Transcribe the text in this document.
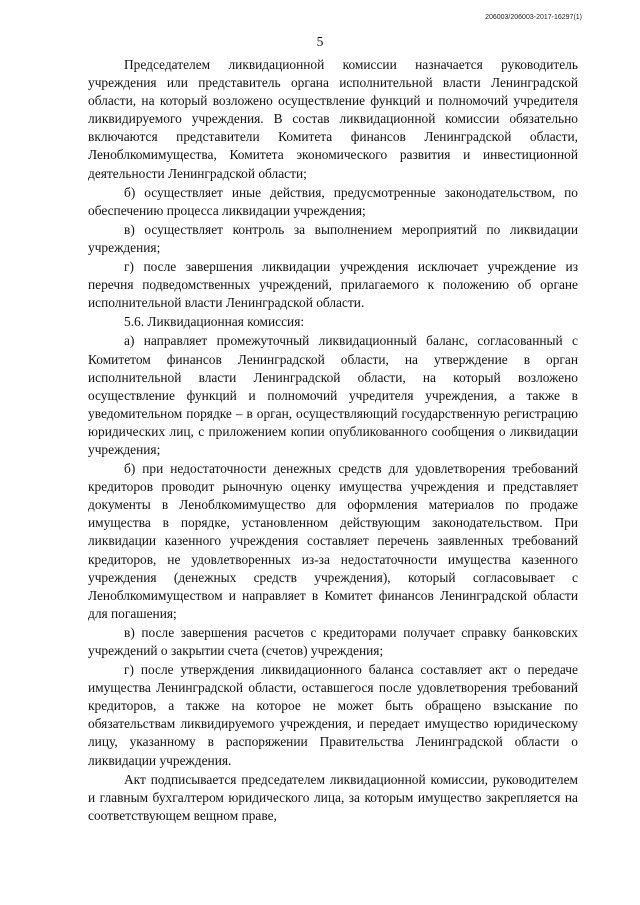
206003/206003-2017-16297(1)
5

Председателем ликвидационной комиссии назначается руководитель учреждения или представитель органа исполнительной власти Ленинградской области, на который возложено осуществление функций и полномочий учредителя ликвидируемого учреждения. В состав ликвидационной комиссии обязательно включаются представители Комитета финансов Ленинградской области, Леноблкомимущества, Комитета экономического развития и инвестиционной деятельности Ленинградской области;

б) осуществляет иные действия, предусмотренные законодательством, по обеспечению процесса ликвидации учреждения;

в) осуществляет контроль за выполнением мероприятий по ликвидации учреждения;

г) после завершения ликвидации учреждения исключает учреждение из перечня подведомственных учреждений, прилагаемого к положению об органе исполнительной власти Ленинградской области.

5.6. Ликвидационная комиссия:

а) направляет промежуточный ликвидационный баланс, согласованный с Комитетом финансов Ленинградской области, на утверждение в орган исполнительной власти Ленинградской области, на который возложено осуществление функций и полномочий учредителя учреждения, а также в уведомительном порядке – в орган, осуществляющий государственную регистрацию юридических лиц, с приложением копии опубликованного сообщения о ликвидации учреждения;

б) при недостаточности денежных средств для удовлетворения требований кредиторов проводит рыночную оценку имущества учреждения и представляет документы в Леноблкомимущество для оформления материалов по продаже имущества в порядке, установленном действующим законодательством. При ликвидации казенного учреждения составляет перечень заявленных требований кредиторов, не удовлетворенных из-за недостаточности имущества казенного учреждения (денежных средств учреждения), который согласовывает с Леноблкомимуществом и направляет в Комитет финансов Ленинградской области для погашения;

в) после завершения расчетов с кредиторами получает справку банковских учреждений о закрытии счета (счетов) учреждения;

г) после утверждения ликвидационного баланса составляет акт о передаче имущества Ленинградской области, оставшегося после удовлетворения требований кредиторов, а также на которое не может быть обращено взыскание по обязательствам ликвидируемого учреждения, и передает имущество юридическому лицу, указанному в распоряжении Правительства Ленинградской области о ликвидации учреждения.

Акт подписывается председателем ликвидационной комиссии, руководителем и главным бухгалтером юридического лица, за которым имущество закрепляется на соответствующем вещном праве,
